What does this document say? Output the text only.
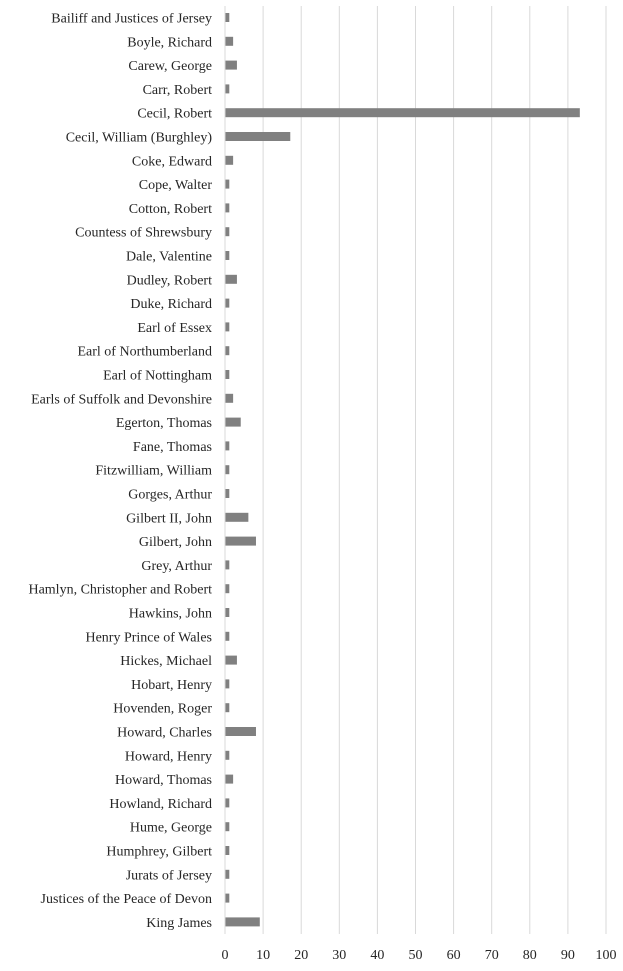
Bailiff and Justices of Jersey
Boyle, Richard
Carew, George
Carr, Robert
Cecil, Robert
Cecil, William (Burghley)
Coke, Edward
Cope, Walter
Cotton, Robert
Countess of Shrewsbury
Dale, Valentine
Dudley, Robert
Duke, Richard
Earl of Essex
Earl of Northumberland
Earl of Nottingham
Earls of Suffolk and Devonshire
Egerton, Thomas
Fane, Thomas
Fitzwilliam, William
Gorges, Arthur
Gilbert II, John
Gilbert, John
Grey, Arthur
Hamlyn, Christopher and Robert
Hawkins, John
Henry Prince of Wales
Hickes, Michael
Hobart, Henry
Hovenden, Roger
Howard, Charles
Howard, Henry
Howard, Thomas
Howland, Richard
Hume, George
Humphrey, Gilbert
Jurats of Jersey
Justices of the Peace of Devon
King James
0 10 20 30 40 50 60 70 80 90 100
